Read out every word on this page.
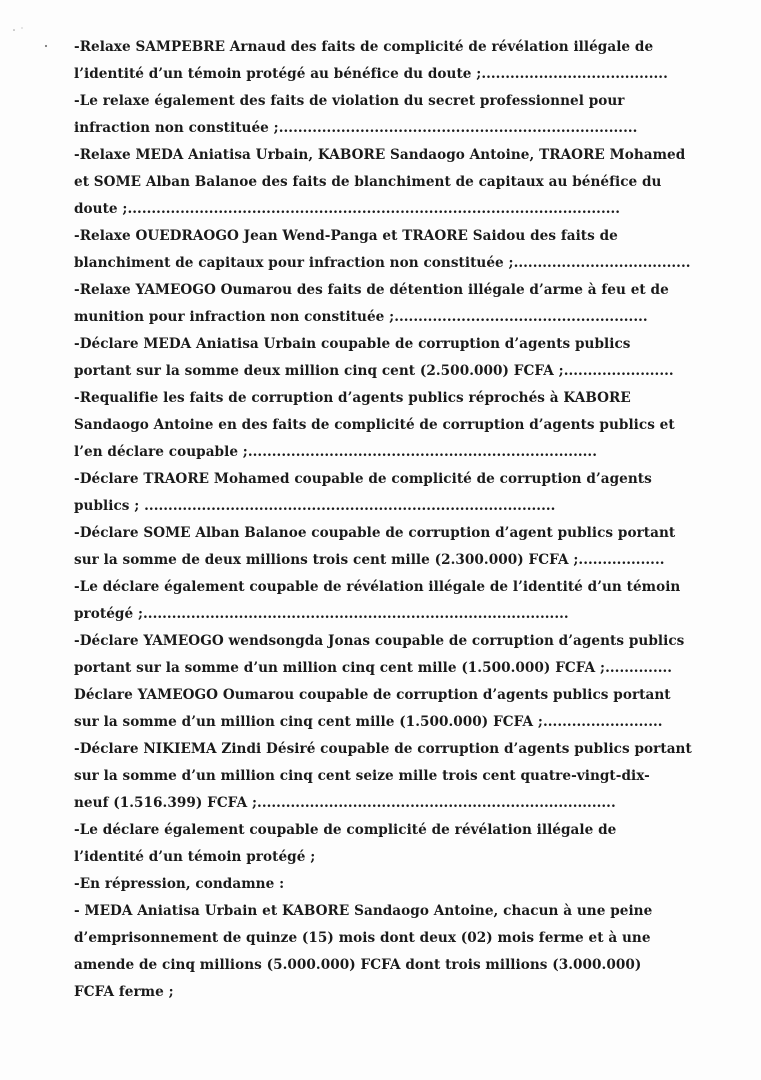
-Relaxe SAMPEBRE Arnaud des faits de complicité de révélation illégale de
l’identité d’un témoin protégé au bénéfice du doute ;.......................................
-Le relaxe également des faits de violation du secret professionnel pour
infraction non constituée ;...........................................................................
-Relaxe MEDA Aniatisa Urbain, KABORE Sandaogo Antoine, TRAORE Mohamed
et SOME Alban Balanoe des faits de blanchiment de capitaux au bénéfice du
doute ;.......................................................................................................
-Relaxe OUEDRAOGO Jean Wend-Panga et TRAORE Saidou des faits de
blanchiment de capitaux pour infraction non constituée ;.....................................
-Relaxe YAMEOGO Oumarou des faits de détention illégale d’arme à feu et de
munition pour infraction non constituée ;.....................................................
-Déclare MEDA Aniatisa Urbain coupable de corruption d’agents publics
portant sur la somme deux million cinq cent (2.500.000) FCFA ;.......................
-Requalifie les faits de corruption d’agents publics réprochés à KABORE
Sandaogo Antoine en des faits de complicité de corruption d’agents publics et
l’en déclare coupable ;.........................................................................
-Déclare TRAORE Mohamed coupable de complicité de corruption d’agents
publics ; ......................................................................................
-Déclare SOME Alban Balanoe coupable de corruption d’agent publics portant
sur la somme de deux millions trois cent mille (2.300.000) FCFA ;..................
-Le déclare également coupable de révélation illégale de l’identité d’un témoin
protégé ;.........................................................................................
-Déclare YAMEOGO wendsongda Jonas coupable de corruption d’agents publics
portant sur la somme d’un million cinq cent mille (1.500.000) FCFA ;..............
Déclare YAMEOGO Oumarou coupable de corruption d’agents publics portant
sur la somme d’un million cinq cent mille (1.500.000) FCFA ;.........................
-Déclare NIKIEMA Zindi Désiré coupable de corruption d’agents publics portant
sur la somme d’un million cinq cent seize mille trois cent quatre-vingt-dix-
neuf (1.516.399) FCFA ;...........................................................................
-Le déclare également coupable de complicité de révélation illégale de
l’identité d’un témoin protégé ;
-En répression, condamne :
- MEDA Aniatisa Urbain et KABORE Sandaogo Antoine, chacun à une peine
d’emprisonnement de quinze (15) mois dont deux (02) mois ferme et à une
amende de cinq millions (5.000.000) FCFA dont trois millions (3.000.000)
FCFA ferme ;
